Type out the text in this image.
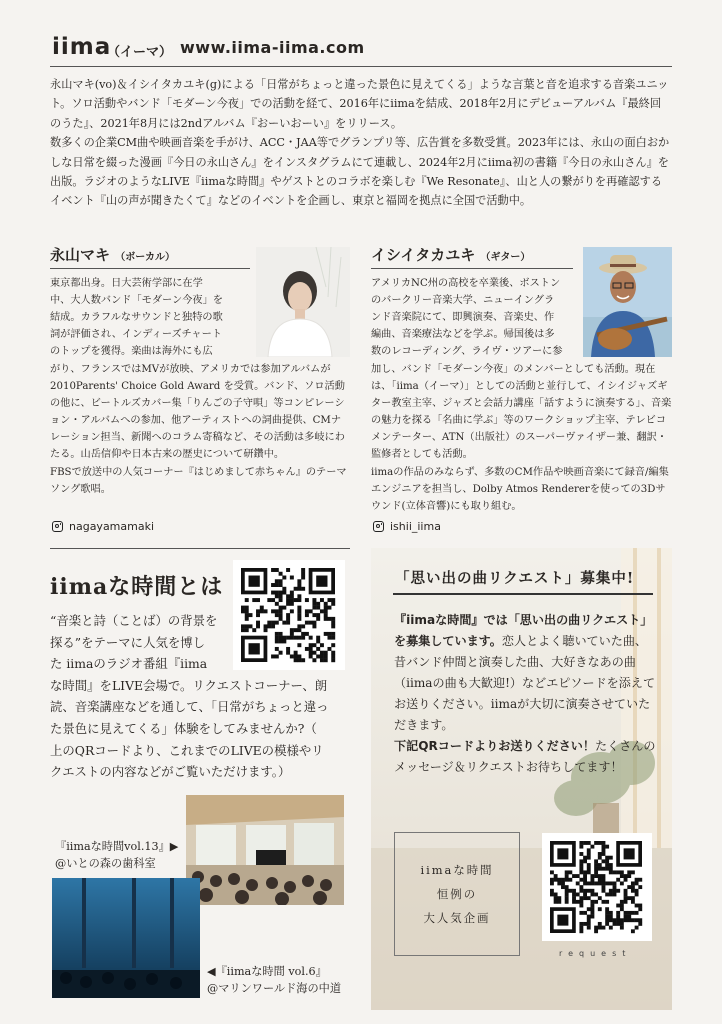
iima
（イーマ） www.iima-iima.com

永山マキ(vo)＆イシイタカユキ(g)による「日常がちょっと違った景色に見えてくる」ような言葉と音を追求する音楽ユニット。ソロ活動やバンド「モダーン今夜」での活動を経て、2016年にiimaを結成、2018年2月にデビューアルバム『最終回のうた』、2021年8月には2ndアルバム『おーいおーい』をリリース。

数多くの企業CM曲や映画音楽を手がけ、ACC・JAA等でグランプリ等、広告賞を多数受賞。2023年には、永山の面白おかしな日常を綴った漫画『今日の永山さん』をインスタグラムにて連載し、2024年2月にiima初の書籍『今日の永山さん』を出版。ラジオのようなLIVE『iimaな時間』やゲストとのコラボを楽しむ『We Resonate』、山と人の繋がりを再確認するイベント『山の声が聞きたくて』などのイベントを企画し、東京と福岡を拠点に全国で活動中。

永山マキ （ボーカル）
東京都出身。日大芸術学部に在学
中、大人数バンド「モダーン今夜」を
結成。カラフルなサウンドと独特の歌
詞が評価され、インディーズチャート
のトップを獲得。楽曲は海外にも広
がり、フランスではMVが放映、アメリカでは参加アルバムが2010Parents' Choice Gold Award を受賞。バンド、ソロ活動の他に、ビートルズカバー集「りんごの子守唄」等コンピレーション・アルバムへの参加、他アーティストへの詞曲提供、CMナレーション担当、新聞へのコラム寄稿など、その活動は多岐にわたる。山岳信仰や日本古来の歴史について研鑽中。
FBSで放送中の人気コーナー『はじめまして赤ちゃん』のテーマソング歌唱。
nagayamamaki
イシイタカユキ （ギター）
アメリカNC州の高校を卒業後、ボストン
のバークリー音楽大学、ニューイングラ
ンド音楽院にて、即興演奏、音楽史、作
編曲、音楽療法などを学ぶ。帰国後は多
数のレコーディング、ライヴ・ツアーに参
加し、バンド「モダーン今夜」のメンバーとしても活動。現在は、「iima（イーマ）」としての活動と並行して、イシイジャズギター教室主宰、ジャズと会話力講座「話すように演奏する」、音楽の魅力を探る「名曲に学ぶ」等のワークショップ主宰、テレビコメンテーター、ATN（出版社）のスーパーヴァイザー兼、翻訳・監修者としても活動。
iimaの作品のみならず、多数のCM作品や映画音楽にて録音/編集エンジニアを担当し、Dolby Atmos Rendererを使っての3Dサウンド(立体音響)にも取り組む。
ishii_iima
iimaな時間とは
“音楽と詩（ことば）の背景を
探る”をテーマに人気を博し
た iimaのラジオ番組『iima
な時間』をLIVE会場で。リクエストコーナー、朗
読、音楽講座などを通して、「日常がちょっと違っ
た景色に見えてくる」体験をしてみませんか?（
上のQRコードより、これまでのLIVEの模様やリ
クエストの内容などがご覧いただけます。）
『iimaな時間vol.13』▶
@いとの森の歯科室
◀『iimaな時間 vol.6』
@マリンワールド海の中道
「思い出の曲リクエスト」募集中!
『iimaな時間』では「思い出の曲リクエスト」を募集しています。恋人とよく聴いていた曲、昔バンド仲間と演奏した曲、大好きなあの曲（iimaの曲も大歓迎!）などエピソードを添えてお送りください。iimaが大切に演奏させていただきます。
下記QRコードよりお送りください！たくさんのメッセージ＆リクエストお待ちしてます！
iimaな時間
恒例の
大人気企画
request
